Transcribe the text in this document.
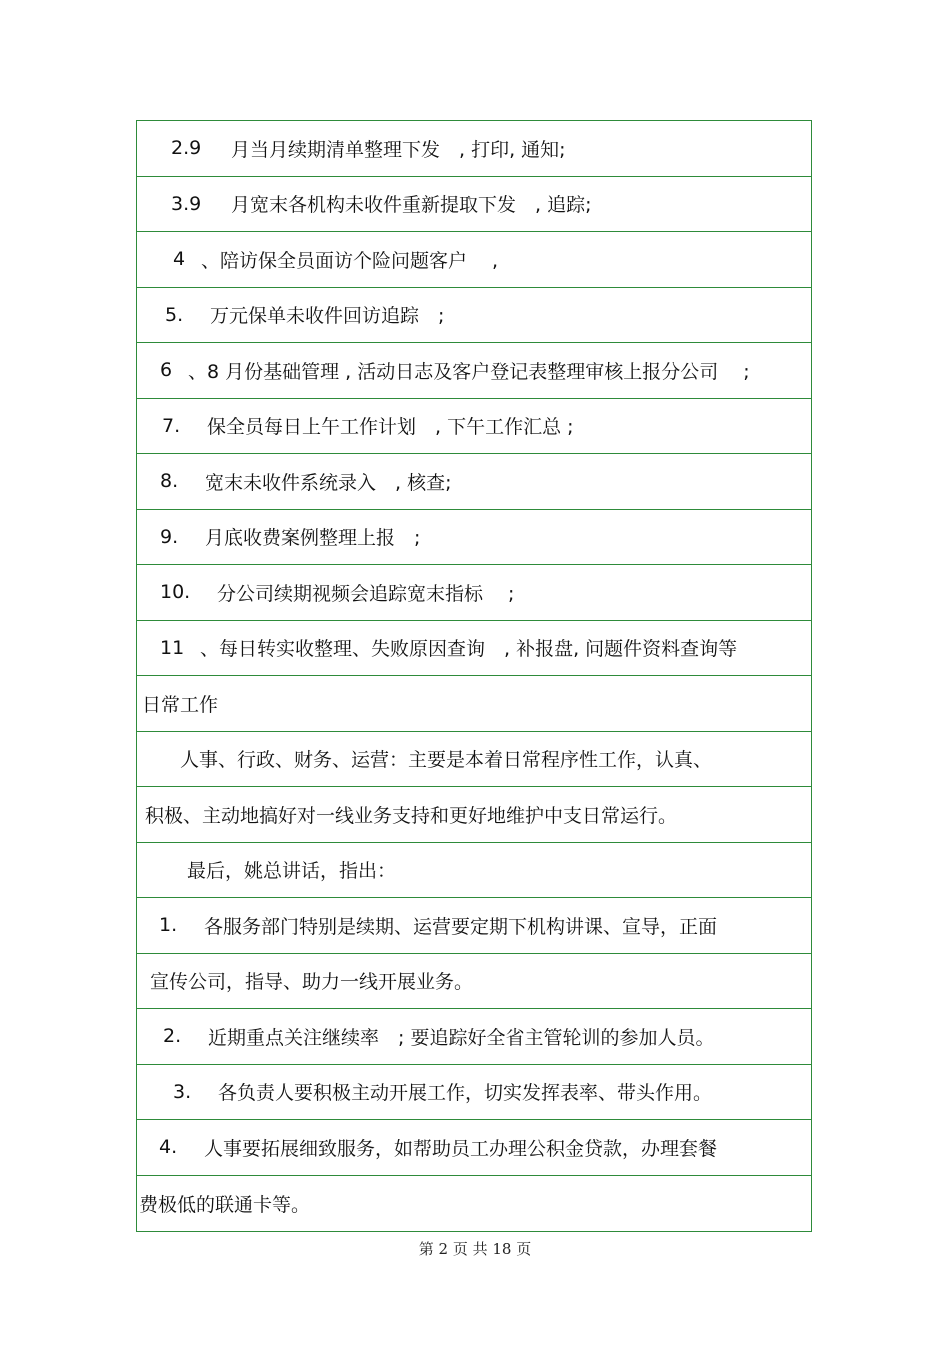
2.9	月当月续期清单整理下发　, 打印, 通知;
3.9	月宽末各机构未收件重新提取下发　, 追踪;
4 、陪访保全员面访个险问题客户　 ,
5.	万元保单未收件回访追踪　;
6 、8 月份基础管理 , 活动日志及客户登记表整理审核上报分公司　 ;
7.	保全员每日上午工作计划　, 下午工作汇总 ;
8.	宽末未收件系统录入　, 核查;
9.	月底收费案例整理上报　;
10.	分公司续期视频会追踪宽末指标　 ;
11 、每日转实收整理、失败原因查询　, 补报盘, 问题件资料查询等
日常工作
人事、行政、财务、运营：主要是本着日常程序性工作，认真、
积极、主动地搞好对一线业务支持和更好地维护中支日常运行。
最后，姚总讲话，指出：
1.	各服务部门特别是续期、运营要定期下机构讲课、宣导，正面
宣传公司，指导、助力一线开展业务。
2.	近期重点关注继续率　; 要追踪好全省主管轮训的参加人员。
3.	各负责人要积极主动开展工作，切实发挥表率、带头作用。
4.	人事要拓展细致服务，如帮助员工办理公积金贷款，办理套餐
费极低的联通卡等。
第 2 页 共 18 页
